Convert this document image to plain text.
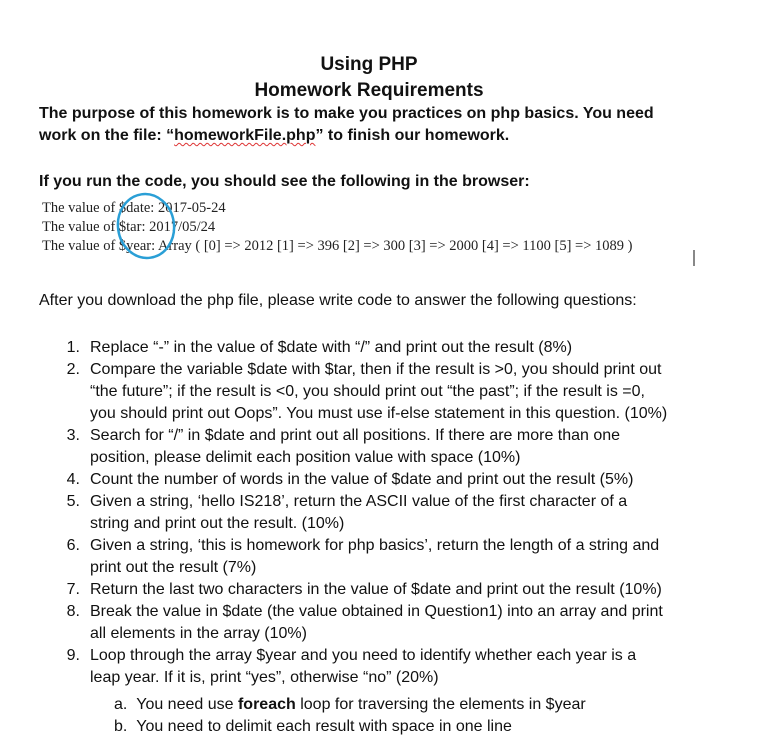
Using PHP
Homework Requirements
The purpose of this homework is to make you practices on php basics. You need
work on the file: “homeworkFile.php” to finish our homework.
If you run the code, you should see the following in the browser:
The value of $date: 2017-05-24
The value of $tar: 2017/05/24
The value of $year: Array ( [0] => 2012 [1] => 396 [2] => 300 [3] => 2000 [4] => 1100 [5] => 1089 )
After you download the php file, please write code to answer the following questions:
1. Replace “-” in the value of $date with “/” and print out the result (8%)
2. Compare the variable $date with $tar, then if the result is >0, you should print out
“the future”; if the result is <0, you should print out “the past”; if the result is =0,
you should print out Oops”. You must use if-else statement in this question. (10%)
3. Search for “/” in $date and print out all positions. If there are more than one
position, please delimit each position value with space (10%)
4. Count the number of words in the value of $date and print out the result (5%)
5. Given a string, ‘hello IS218’, return the ASCII value of the first character of a
string and print out the result. (10%)
6. Given a string, ‘this is homework for php basics’, return the length of a string and
print out the result (7%)
7. Return the last two characters in the value of $date and print out the result (10%)
8. Break the value in $date (the value obtained in Question1) into an array and print
all elements in the array (10%)
9. Loop through the array $year and you need to identify whether each year is a
leap year. If it is, print “yes”, otherwise “no” (20%)
a. You need use foreach loop for traversing the elements in $year
b. You need to delimit each result with space in one line
